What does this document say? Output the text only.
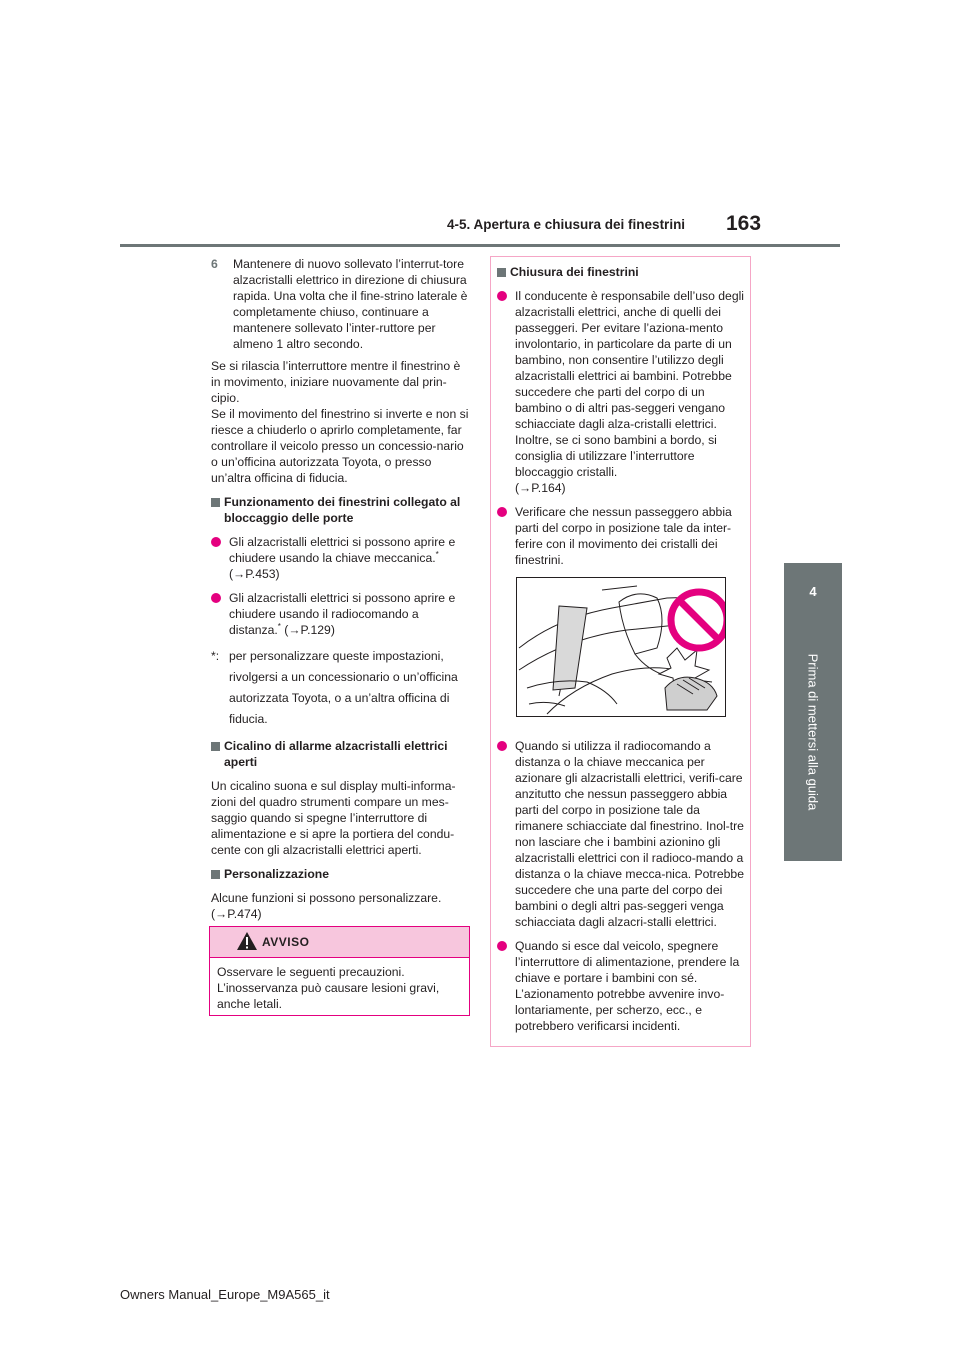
4-5. Apertura e chiusura dei finestrini 163
4
Prima di mettersi alla guida
6 Mantenere di nuovo sollevato l’interrut-tore alzacristalli elettrico in direzione di chiusura rapida. Una volta che il fine-strino laterale è completamente chiuso, continuare a mantenere sollevato l’inter-ruttore per almeno 1 altro secondo.

Se si rilascia l’interruttore mentre il finestrino è in movimento, iniziare nuovamente dal prin-cipio.

Se il movimento del finestrino si inverte e non si riesce a chiuderlo o aprirlo completamente, far controllare il veicolo presso un concessio-nario o un’officina autorizzata Toyota, o presso un’altra officina di fiducia.

Funzionamento dei finestrini collegato al bloccaggio delle porte
Gli alzacristalli elettrici si possono aprire e chiudere usando la chiave meccanica.*
(→P.453)
Gli alzacristalli elettrici si possono aprire e chiudere usando il radiocomando a distanza.* (→P.129)
*: per personalizzare queste impostazioni, rivolgersi a un concessionario o un’officina autorizzata Toyota, o a un’altra officina di fiducia.
Cicalino di allarme alzacristalli elettrici aperti

Un cicalino suona e sul display multi-informa-zioni del quadro strumenti compare un mes-saggio quando si spegne l’interruttore di alimentazione e si apre la portiera del condu-cente con gli alzacristalli elettrici aperti.

Personalizzazione

Alcune funzioni si possono personalizzare.
(→P.474)

AVVISO
Osservare le seguenti precauzioni. L’inosservanza può causare lesioni gravi, anche letali.
Chiusura dei finestrini
Il conducente è responsabile dell’uso degli alzacristalli elettrici, anche di quelli dei passeggeri. Per evitare l’aziona-mento involontario, in particolare da parte di un bambino, non consentire l’utilizzo degli alzacristalli elettrici ai bambini. Potrebbe succedere che parti del corpo di un bambino o di altri pas-seggeri vengano schiacciate dagli alza-cristalli elettrici. Inoltre, se ci sono bambini a bordo, si consiglia di utilizzare l’interruttore bloccaggio cristalli.
(→P.164)
Verificare che nessun passeggero abbia parti del corpo in posizione tale da inter-ferire con il movimento dei cristalli dei finestrini.
Quando si utilizza il radiocomando a distanza o la chiave meccanica per azionare gli alzacristalli elettrici, verifi-care anzitutto che nessun passeggero abbia parti del corpo in posizione tale da rimanere schiacciate dal finestrino. Inol-tre non lasciare che i bambini azionino gli alzacristalli elettrici con il radioco-mando a distanza o la chiave mecca-nica. Potrebbe succedere che una parte del corpo dei bambini o degli altri pas-seggeri venga schiacciata dagli alzacri-stalli elettrici.
Quando si esce dal veicolo, spegnere l’interruttore di alimentazione, prendere la chiave e portare i bambini con sé. L’azionamento potrebbe avvenire invo-lontariamente, per scherzo, ecc., e potrebbero verificarsi incidenti.
Owners Manual_Europe_M9A565_it
